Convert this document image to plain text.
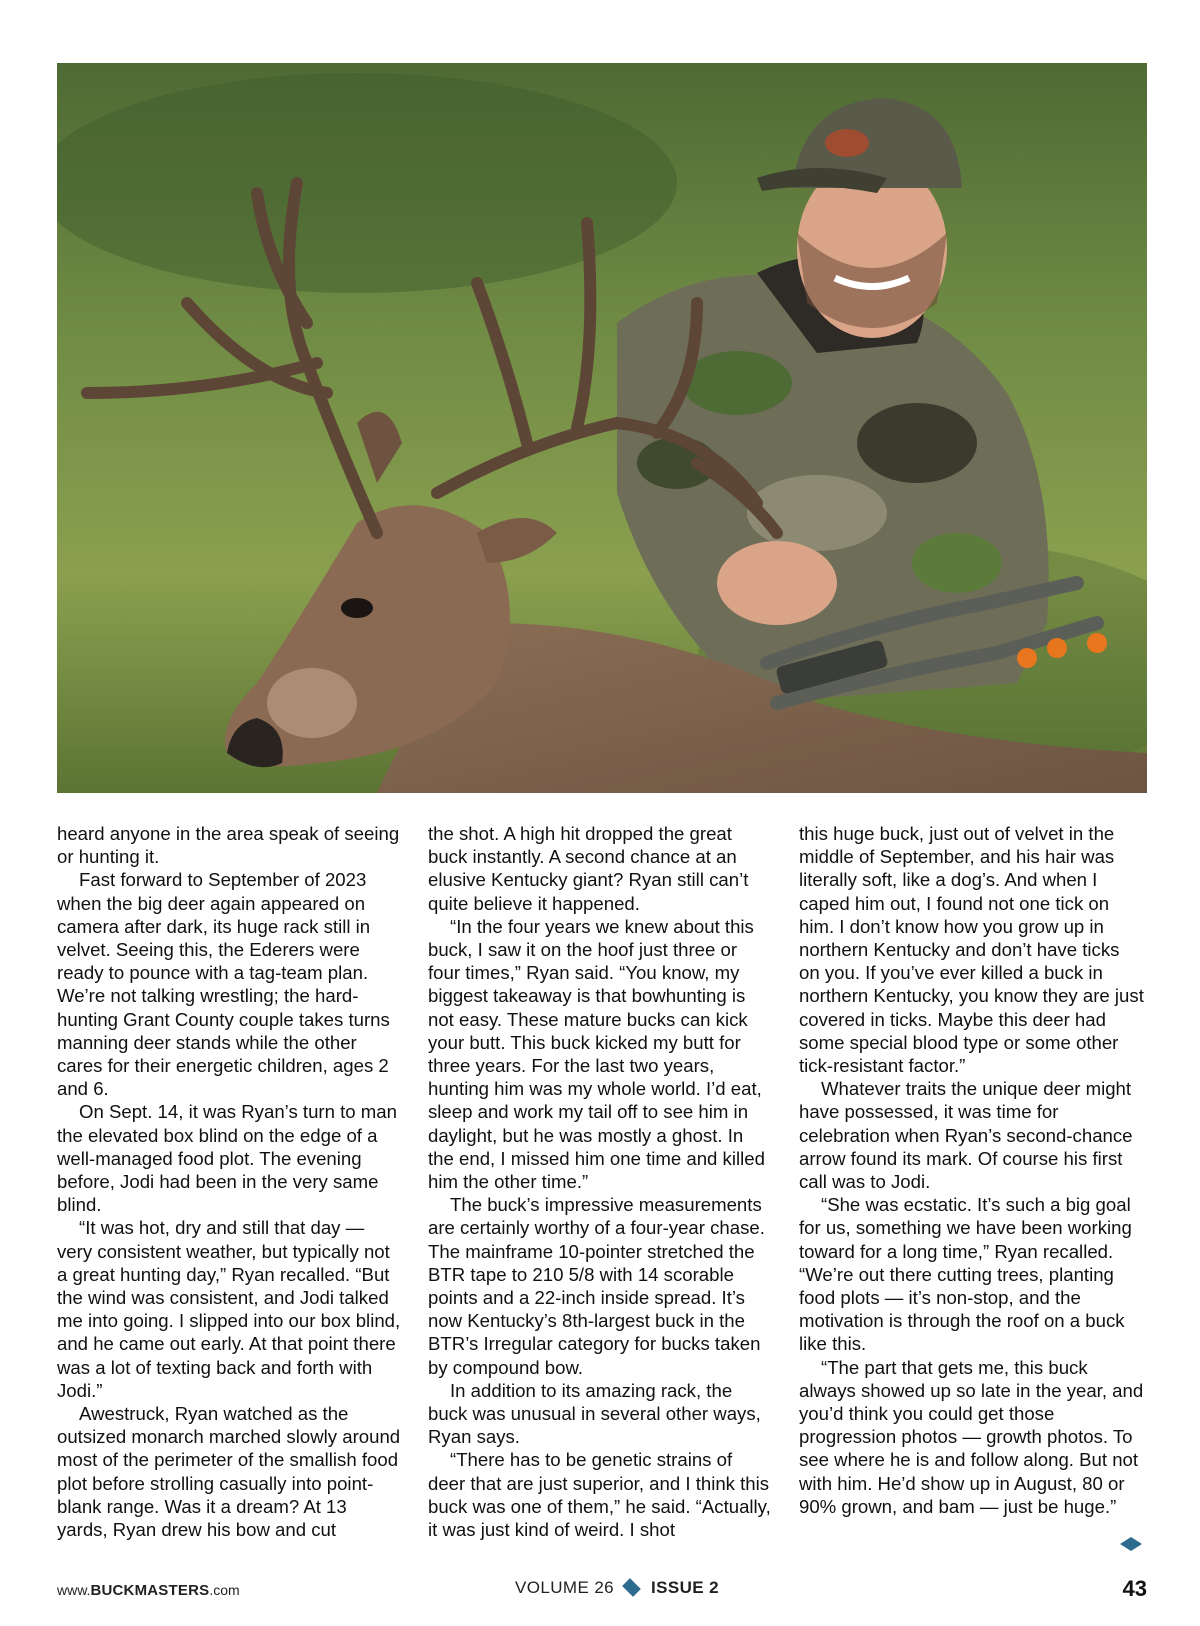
heard anyone in the area speak of seeing or hunting it.

Fast forward to September of 2023 when the big deer again appeared on camera after dark, its huge rack still in velvet. Seeing this, the Ederers were ready to pounce with a tag-team plan. We’re not talking wrestling; the hard-hunting Grant County couple takes turns manning deer stands while the other cares for their energetic children, ages 2 and 6.

On Sept. 14, it was Ryan’s turn to man the elevated box blind on the edge of a well-managed food plot. The evening before, Jodi had been in the very same blind.

“It was hot, dry and still that day — very consistent weather, but typically not a great hunting day,” Ryan recalled. “But the wind was consistent, and Jodi talked me into going. I slipped into our box blind, and he came out early. At that point there was a lot of texting back and forth with Jodi.”

Awestruck, Ryan watched as the outsized monarch marched slowly around most of the perimeter of the smallish food plot before strolling casually into point-blank range. Was it a dream? At 13 yards, Ryan drew his bow and cut

the shot. A high hit dropped the great buck instantly. A second chance at an elusive Kentucky giant? Ryan still can’t quite believe it happened.

“In the four years we knew about this buck, I saw it on the hoof just three or four times,” Ryan said. “You know, my biggest takeaway is that bowhunting is not easy. These mature bucks can kick your butt. This buck kicked my butt for three years. For the last two years, hunting him was my whole world. I’d eat, sleep and work my tail off to see him in daylight, but he was mostly a ghost. In the end, I missed him one time and killed him the other time.”

The buck’s impressive measurements are certainly worthy of a four-year chase. The mainframe 10-pointer stretched the BTR tape to 210 5/8 with 14 scorable points and a 22-inch inside spread. It’s now Kentucky’s 8th-largest buck in the BTR’s Irregular category for bucks taken by compound bow.

In addition to its amazing rack, the buck was unusual in several other ways, Ryan says.

“There has to be genetic strains of deer that are just superior, and I think this buck was one of them,” he said. “Actually, it was just kind of weird. I shot

this huge buck, just out of velvet in the middle of September, and his hair was literally soft, like a dog’s. And when I caped him out, I found not one tick on him. I don’t know how you grow up in northern Kentucky and don’t have ticks on you. If you’ve ever killed a buck in northern Kentucky, you know they are just covered in ticks. Maybe this deer had some special blood type or some other tick-resistant factor.”

Whatever traits the unique deer might have possessed, it was time for celebration when Ryan’s second-chance arrow found its mark. Of course his first call was to Jodi.

“She was ecstatic. It’s such a big goal for us, something we have been working toward for a long time,” Ryan recalled. “We’re out there cutting trees, planting food plots — it’s non-stop, and the motivation is through the roof on a buck like this.

“The part that gets me, this buck always showed up so late in the year, and you’d think you could get those progression photos — growth photos. To see where he is and follow along. But not with him. He’d show up in August, 80 or 90% grown, and bam — just be huge.”

www.BUCKMASTERS.com	VOLUME 26 ISSUE 2	43
